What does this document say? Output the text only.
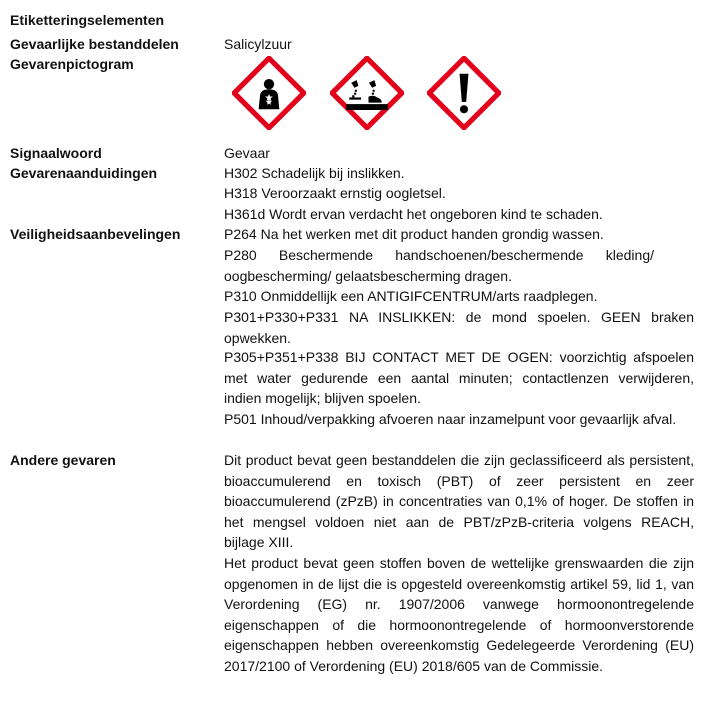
Etiketteringselementen
Gevaarlijke bestanddelen	Salicylzuur
Gevarenpictogram
Signaalwoord	Gevaar
Gevarenaanduidingen	H302 Schadelijk bij inslikken.
H318 Veroorzaakt ernstig oogletsel.
H361d Wordt ervan verdacht het ongeboren kind te schaden.
Veiligheidsaanbevelingen	P264 Na het werken met dit product handen grondig wassen.
P280 Beschermende handschoenen/beschermende kleding/ oogbescherming/ gelaatsbescherming dragen.
P310 Onmiddellijk een ANTIGIFCENTRUM/arts raadplegen.
P301+P330+P331 NA INSLIKKEN: de mond spoelen. GEEN braken opwekken.
P305+P351+P338 BIJ CONTACT MET DE OGEN: voorzichtig afspoelen met water gedurende een aantal minuten; contactlenzen verwijderen, indien mogelijk; blijven spoelen.
P501 Inhoud/verpakking afvoeren naar inzamelpunt voor gevaarlijk afval.
Andere gevaren	Dit product bevat geen bestanddelen die zijn geclassificeerd als persistent, bioaccumulerend en toxisch (PBT) of zeer persistent en zeer bioaccumulerend (zPzB) in concentraties van 0,1% of hoger. De stoffen in het mengsel voldoen niet aan de PBT/zPzB-criteria volgens REACH, bijlage XIII.
Het product bevat geen stoffen boven de wettelijke grenswaarden die zijn opgenomen in de lijst die is opgesteld overeenkomstig artikel 59, lid 1, van Verordening (EG) nr. 1907/2006 vanwege hormoonontregelende eigenschappen of die hormoonontregelende of hormoonverstorende eigenschappen hebben overeenkomstig Gedelegeerde Verordening (EU) 2017/2100 of Verordening (EU) 2018/605 van de Commissie.
